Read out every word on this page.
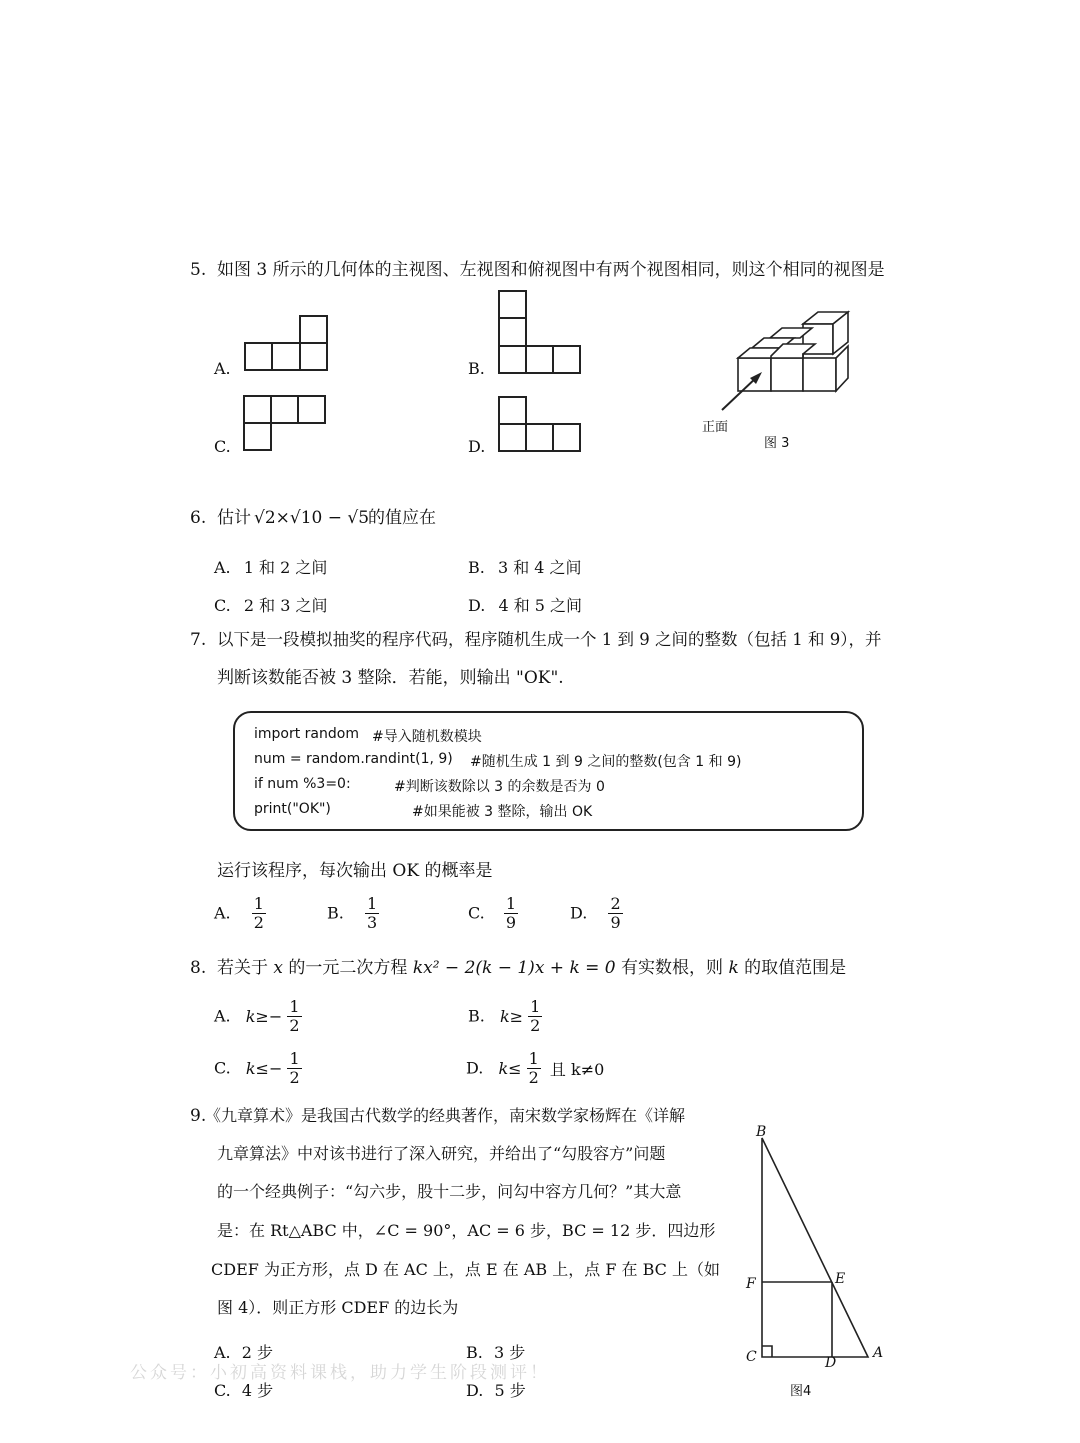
5. 如图 3 所示的几何体的主视图、左视图和俯视图中有两个视图相同，则这个相同的视图是
A.	B.
C.	D.
正面
图 3
6. 估计 √2×√10 − √5
的值应在
A. 1 和 2 之间	B. 3 和 4 之间
C. 2 和 3 之间	D. 4 和 5 之间
7. 以下是一段模拟抽奖的程序代码，程序随机生成一个 1 到 9 之间的整数（包括 1 和 9），并
判断该数能否被 3 整除．若能，则输出 "OK".
import random #导入随机数模块
num = random.randint(1, 9) #随机生成 1 到 9 之间的整数(包含 1 和 9)
if num %3=0:	#判断该数除以 3 的余数是否为 0
print("OK")	#如果能被 3 整除，输出 OK
运行该程序，每次输出 OK 的概率是
A. $\frac{1}{2}$	B. $\frac{1}{3}$	C. $\frac{1}{9}$	D. $\frac{2}{9}$
8. 若关于 x 的一元二次方程 kx² − 2(k − 1)x + k = 0 有实数根，则 k 的取值范围是
A. $k\ge- \frac{1}{2}$	B. $k\ge \frac{1}{2}$
C. $k\le- \frac{1}{2}$	D. $k\le \frac{1}{2}$ 且 k≠0
9.
《九章算术》是我国古代数学的经典著作，南宋数学家杨辉在《详解
九章算法》中对该书进行了深入研究，并给出了“勾股容方”问题
的一个经典例子：“勾六步，股十二步，问勾中容方几何？”其大意
是：在 Rt△ABC 中，∠C = 90°，AC = 6 步，BC = 12 步．四边形
CDEF 为正方形，点 D 在 AC 上，点 E 在 AB 上，点 F 在 BC 上（如
图 4）．则正方形 CDEF 的边长为
A. 2 步	B. 3 步
C. 4 步	D. 5 步
B
F	E
C	D
A
图4
公众号：小初高资料课栈，助力学生阶段测评！
